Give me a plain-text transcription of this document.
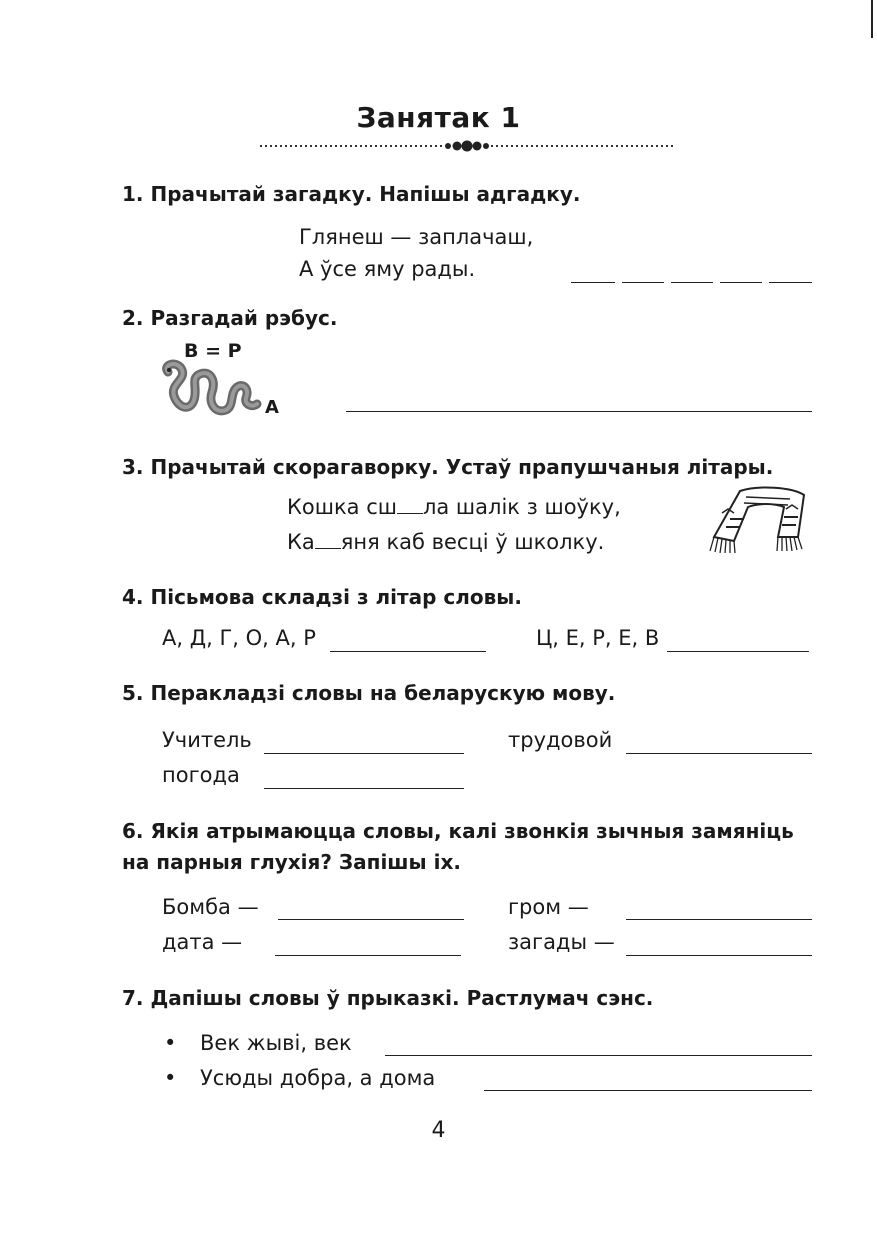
Занятак 1
1. Прачытай загадку. Напішы адгадку.
Глянеш — заплачаш,
А ўсе яму рады.
2. Разгадай рэбус.
В = Р
А
3. Прачытай скорагаворку. Устаў прапушчаныя літары.
Кошка сш ла шалік з шоўку,
Ка яня каб весці ў школку.
4. Пісьмова складзі з літар словы.
А, Д, Г, О, А, Р	Ц, Е, Р, Е, В
5. Перакладзі словы на беларускую мову.
Учитель	трудовой
погода
6. Якія атрымаюцца словы, калі звонкія зычныя замяніць
на парныя глухія? Запішы іх.
Бомба —	гром —
дата —	загады —
7. Дапішы словы ў прыказкі. Растлумач сэнс.
• Век жыві, век
• Усюды добра, а дома
4
